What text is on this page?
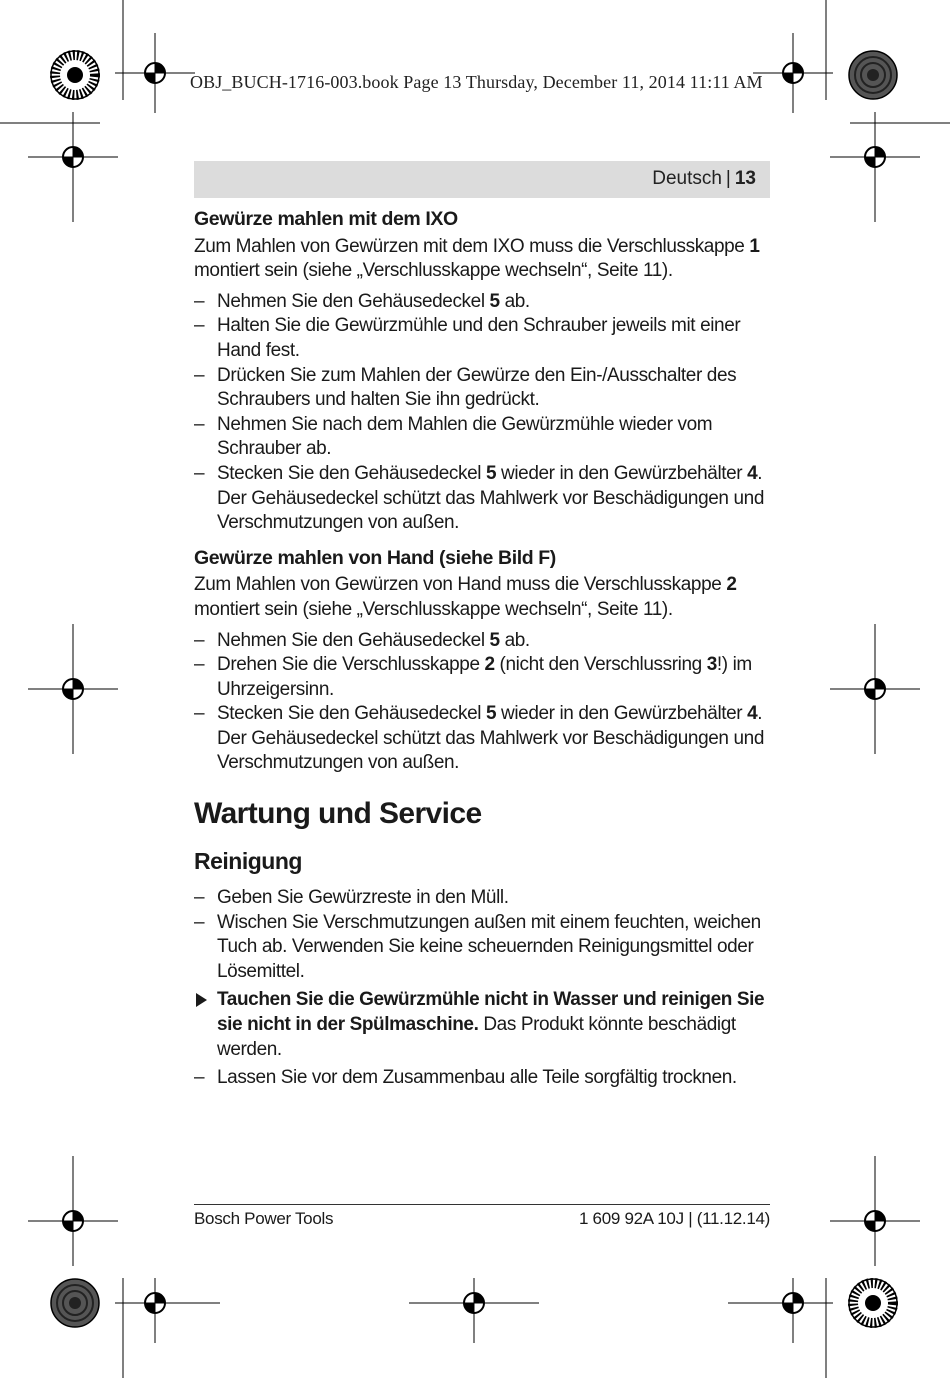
OBJ_BUCH-1716-003.book Page 13 Thursday, December 11, 2014 11:11 AM
Deutsch | 13
Gewürze mahlen mit dem IXO
Zum Mahlen von Gewürzen mit dem IXO muss die Verschlusskappe 1 montiert sein (siehe „Verschlusskappe wechseln“, Seite 11).
– Nehmen Sie den Gehäusedeckel 5 ab.
– Halten Sie die Gewürzmühle und den Schrauber jeweils mit einer Hand fest.
– Drücken Sie zum Mahlen der Gewürze den Ein-/Ausschalter des Schraubers und halten Sie ihn gedrückt.
– Nehmen Sie nach dem Mahlen die Gewürzmühle wieder vom Schrauber ab.
– Stecken Sie den Gehäusedeckel 5 wieder in den Gewürzbehälter 4. Der Gehäusedeckel schützt das Mahlwerk vor Beschädigungen und Verschmutzungen von außen.
Gewürze mahlen von Hand (siehe Bild F)
Zum Mahlen von Gewürzen von Hand muss die Verschlusskappe 2 montiert sein (siehe „Verschlusskappe wechseln“, Seite 11).
– Nehmen Sie den Gehäusedeckel 5 ab.
– Drehen Sie die Verschlusskappe 2 (nicht den Verschlussring 3!) im Uhrzeigersinn.
– Stecken Sie den Gehäusedeckel 5 wieder in den Gewürzbehälter 4. Der Gehäusedeckel schützt das Mahlwerk vor Beschädigungen und Verschmutzungen von außen.
Wartung und Service
Reinigung
– Geben Sie Gewürzreste in den Müll.
– Wischen Sie Verschmutzungen außen mit einem feuchten, weichen Tuch ab. Verwenden Sie keine scheuernden Reinigungsmittel oder Lösemittel.
Tauchen Sie die Gewürzmühle nicht in Wasser und reinigen Sie sie nicht in der Spülmaschine. Das Produkt könnte beschädigt werden.
– Lassen Sie vor dem Zusammenbau alle Teile sorgfältig trocknen.
Bosch Power Tools	1 609 92A 10J | (11.12.14)
